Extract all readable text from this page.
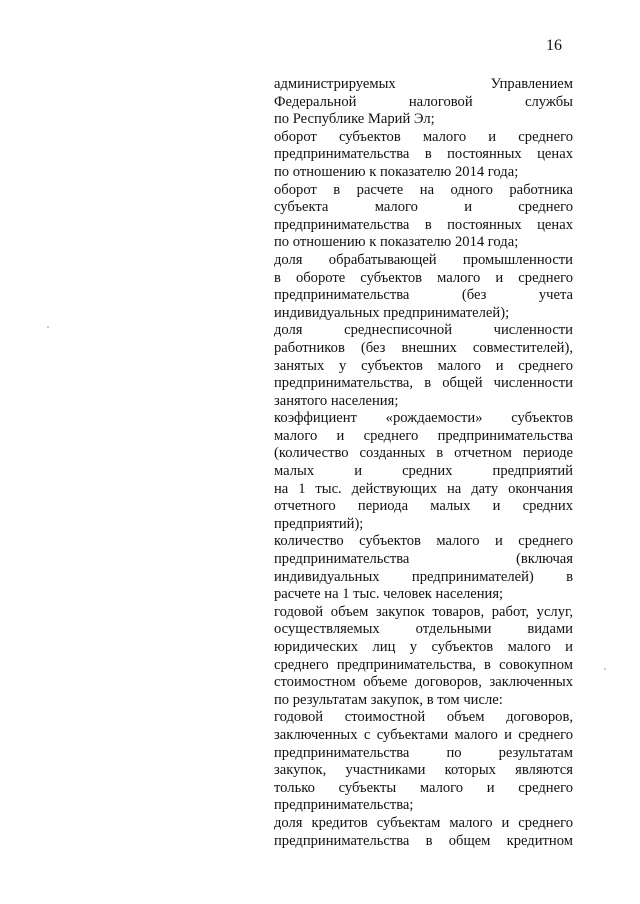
16
администрируемых Управлением
Федеральной налоговой службы
по Республике Марий Эл;
оборот субъектов малого и среднего
предпринимательства в постоянных ценах
по отношению к показателю 2014 года;
оборот в расчете на одного работника
субъекта малого и среднего
предпринимательства в постоянных ценах
по отношению к показателю 2014 года;
доля обрабатывающей промышленности
в обороте субъектов малого и среднего
предпринимательства (без учета
индивидуальных предпринимателей);
доля среднесписочной численности
работников (без внешних совместителей),
занятых у субъектов малого и среднего
предпринимательства, в общей численности
занятого населения;
коэффициент «рождаемости» субъектов
малого и среднего предпринимательства
(количество созданных в отчетном периоде
малых и средних предприятий
на 1 тыс. действующих на дату окончания
отчетного периода малых и средних
предприятий);
количество субъектов малого и среднего
предпринимательства (включая
индивидуальных предпринимателей) в
расчете на 1 тыс. человек населения;
годовой объем закупок товаров, работ, услуг,
осуществляемых отдельными видами
юридических лиц у субъектов малого и
среднего предпринимательства, в совокупном
стоимостном объеме договоров, заключенных
по результатам закупок, в том числе:
годовой стоимостной объем договоров,
заключенных с субъектами малого и среднего
предпринимательства по результатам
закупок, участниками которых являются
только субъекты малого и среднего
предпринимательства;
доля кредитов субъектам малого и среднего
предпринимательства в общем кредитном
